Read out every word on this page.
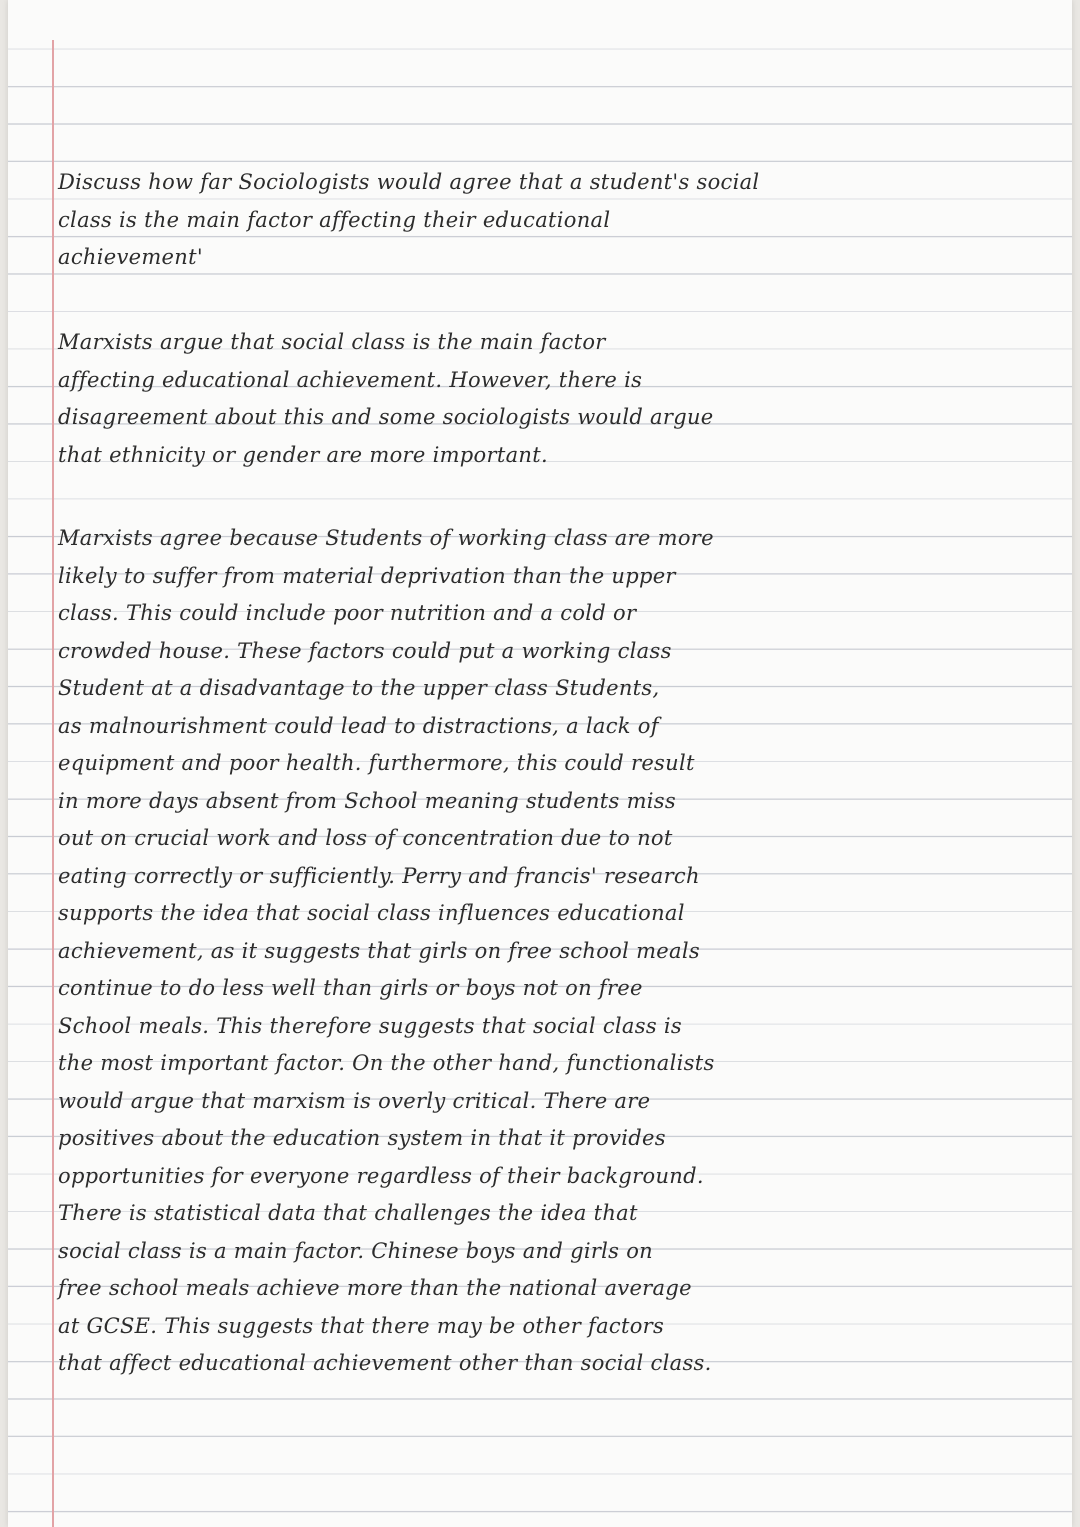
Discuss how far Sociologists would agree that a student's social
class is the main factor affecting their educational
achievement'
Marxists argue that social class is the main factor
affecting educational achievement. However, there is
disagreement about this and some sociologists would argue
that ethnicity or gender are more important.
Marxists agree because Students of working class are more
likely to suffer from material deprivation than the upper
class. This could include poor nutrition and a cold or
crowded house. These factors could put a working class
Student at a disadvantage to the upper class Students,
as malnourishment could lead to distractions, a lack of
equipment and poor health. furthermore, this could result
in more days absent from School meaning students miss
out on crucial work and loss of concentration due to not
eating correctly or sufficiently. Perry and francis' research
supports the idea that social class influences educational
achievement, as it suggests that girls on free school meals
continue to do less well than girls or boys not on free
School meals. This therefore suggests that social class is
the most important factor. On the other hand, functionalists
would argue that marxism is overly critical. There are
positives about the education system in that it provides
opportunities for everyone regardless of their background.
There is statistical data that challenges the idea that
social class is a main factor. Chinese boys and girls on
free school meals achieve more than the national average
at GCSE. This suggests that there may be other factors
that affect educational achievement other than social class.
